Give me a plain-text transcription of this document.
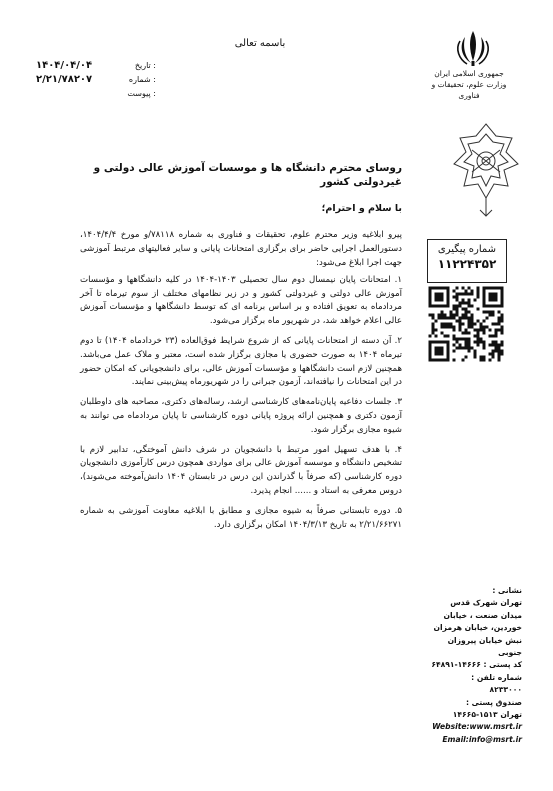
باسمه تعالی
۱۴۰۴/۰۴/۰۴	تاریخ :
۲/۲۱/۷۸۲۰۷	شماره :
پیوست :
جمهوری اسلامی ایران
وزارت علوم، تحقیقات و فناوری
شماره پیگیری
۱۱۲۲۴۳۵۲
روسای محترم دانشگاه ها و موسسات آموزش عالی دولتی و غیردولتی کشور
با سلام و احترام؛

پیرو ابلاغیه وزیر محترم علوم، تحقیقات و فناوری به شماره ۷۸۱۱۸/و مورخ ۱۴۰۴/۴/۴، دستورالعمل اجرایی حاضر برای برگزاری امتحانات پایانی و سایر فعالیتهای مرتبط آموزشی جهت اجرا ابلاغ می‌شود:

۱. امتحانات پایان نیمسال دوم سال تحصیلی ۱۴۰۳-۱۴۰۴ در کلیه دانشگاهها و مؤسسات آموزش عالی دولتی و غیردولتی کشور و در زیر نظامهای مختلف از سوم تیرماه تا آخر مردادماه به تعویق افتاده و بر اساس برنامه ای که توسط دانشگاهها و مؤسسات آموزش عالی اعلام خواهد شد، در شهریور ماه برگزار می‌شود.

۲. آن دسته از امتحانات پایانی که از شروع شرایط فوق‌العاده (۲۳ خردادماه ۱۴۰۴) تا دوم تیرماه ۱۴۰۴ به صورت حضوری یا مجازی برگزار شده است، معتبر و ملاک عمل می‌باشد. همچنین لازم است دانشگاهها و مؤسسات آموزش عالی، برای دانشجویانی که امکان حضور در این امتحانات را نیافته‌اند، آزمون جبرانی را در شهریورماه پیش‌بینی نمایند.

۳. جلسات دفاعیه پایان‌نامه‌های کارشناسی ارشد، رساله‌های دکتری، مصاحبه های داوطلبان آزمون دکتری و همچنین ارائه پروژه پایانی دوره کارشناسی تا پایان مردادماه می توانند به شیوه مجازی برگزار شود.

۴. با هدف تسهیل امور مرتبط با دانشجویان در شرف دانش آموختگی، تدابیر لازم با تشخیص دانشگاه و موسسه آموزش عالی برای مواردی همچون درس کارآموزی دانشجویان دوره کارشناسی (که صرفاً با گذراندن این درس در تابستان ۱۴۰۴ دانش‌آموخته می‌شوند)، دروس معرفی به استاد و ...... انجام پذیرد.

۵. دوره تابستانی صرفاً به شیوه مجازی و مطابق با ابلاغیه معاونت آموزشی به شماره ۲/۲۱/۶۶۲۷۱ به تاریخ ۱۴۰۴/۳/۱۳ امکان برگزاری دارد.

نشانی :
تهران شهرک قدس
میدان صنعت ، خیابان
خوردین، خیابان هرمزان
نبش خیابان پیروزان جنوبی
کد پستی : ۱۴۶۶۶-۶۴۸۹۱
شماره تلفن :
۸۲۳۳۰۰۰
صندوق پستی :
تهران ۱۵۱۳-۱۴۶۶۵
Website:www.msrt.ir
Email:info@msrt.ir
